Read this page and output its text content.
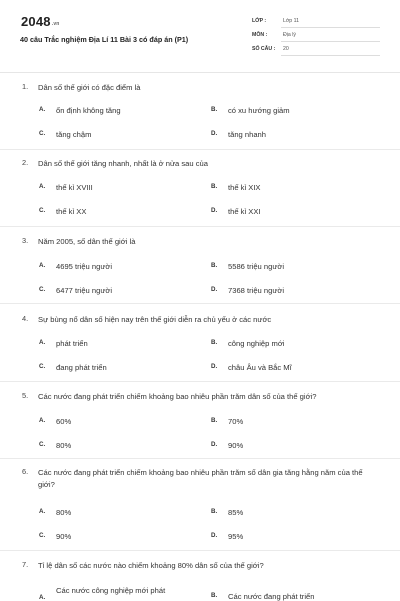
$2048^{.vn}$
40 câu Trắc nghiệm Địa Lí 11 Bài 3 có đáp án (P1)
LỚP :	Lớp 11
MÔN :	Địa lý
SỐ CÂU : 20
1. Dân số thế giới có đặc điểm là
A. ổn định không tăng	B. có xu hướng giảm
C. tăng chậm	D. tăng nhanh
2. Dân số thế giới tăng nhanh, nhất là ở nửa sau của
A. thế kỉ XVIII	B. thế kỉ XIX
C. thế kỉ XX	D. thế kỉ XXI
3. Năm 2005, số dân thế giới là
A. 4695 triệu người	B. 5586 triệu người
C. 6477 triệu người	D. 7368 triệu người
4. Sự bùng nổ dân số hiện nay trên thế giới diễn ra chủ yếu ở các nước
A. phát triển	B. công nghiệp mới
C. đang phát triển	D. châu Âu và Bắc Mĩ
5. Các nước đang phát triển chiếm khoảng bao nhiêu phần trăm dân số của thế giới?
A. 60%	B. 70%
C. 80%	D. 90%
6. Các nước đang phát triển chiếm khoảng bao nhiêu phần trăm số dân gia tăng hằng năm của thế giới?
A. 80%	B. 85%
C. 90%	D. 95%
7. Tỉ lệ dân số các nước nào chiếm khoảng 80% dân số của thế giới?
A.
Các nước công nghiệp mới phát
B. Các nước đang phát triển
